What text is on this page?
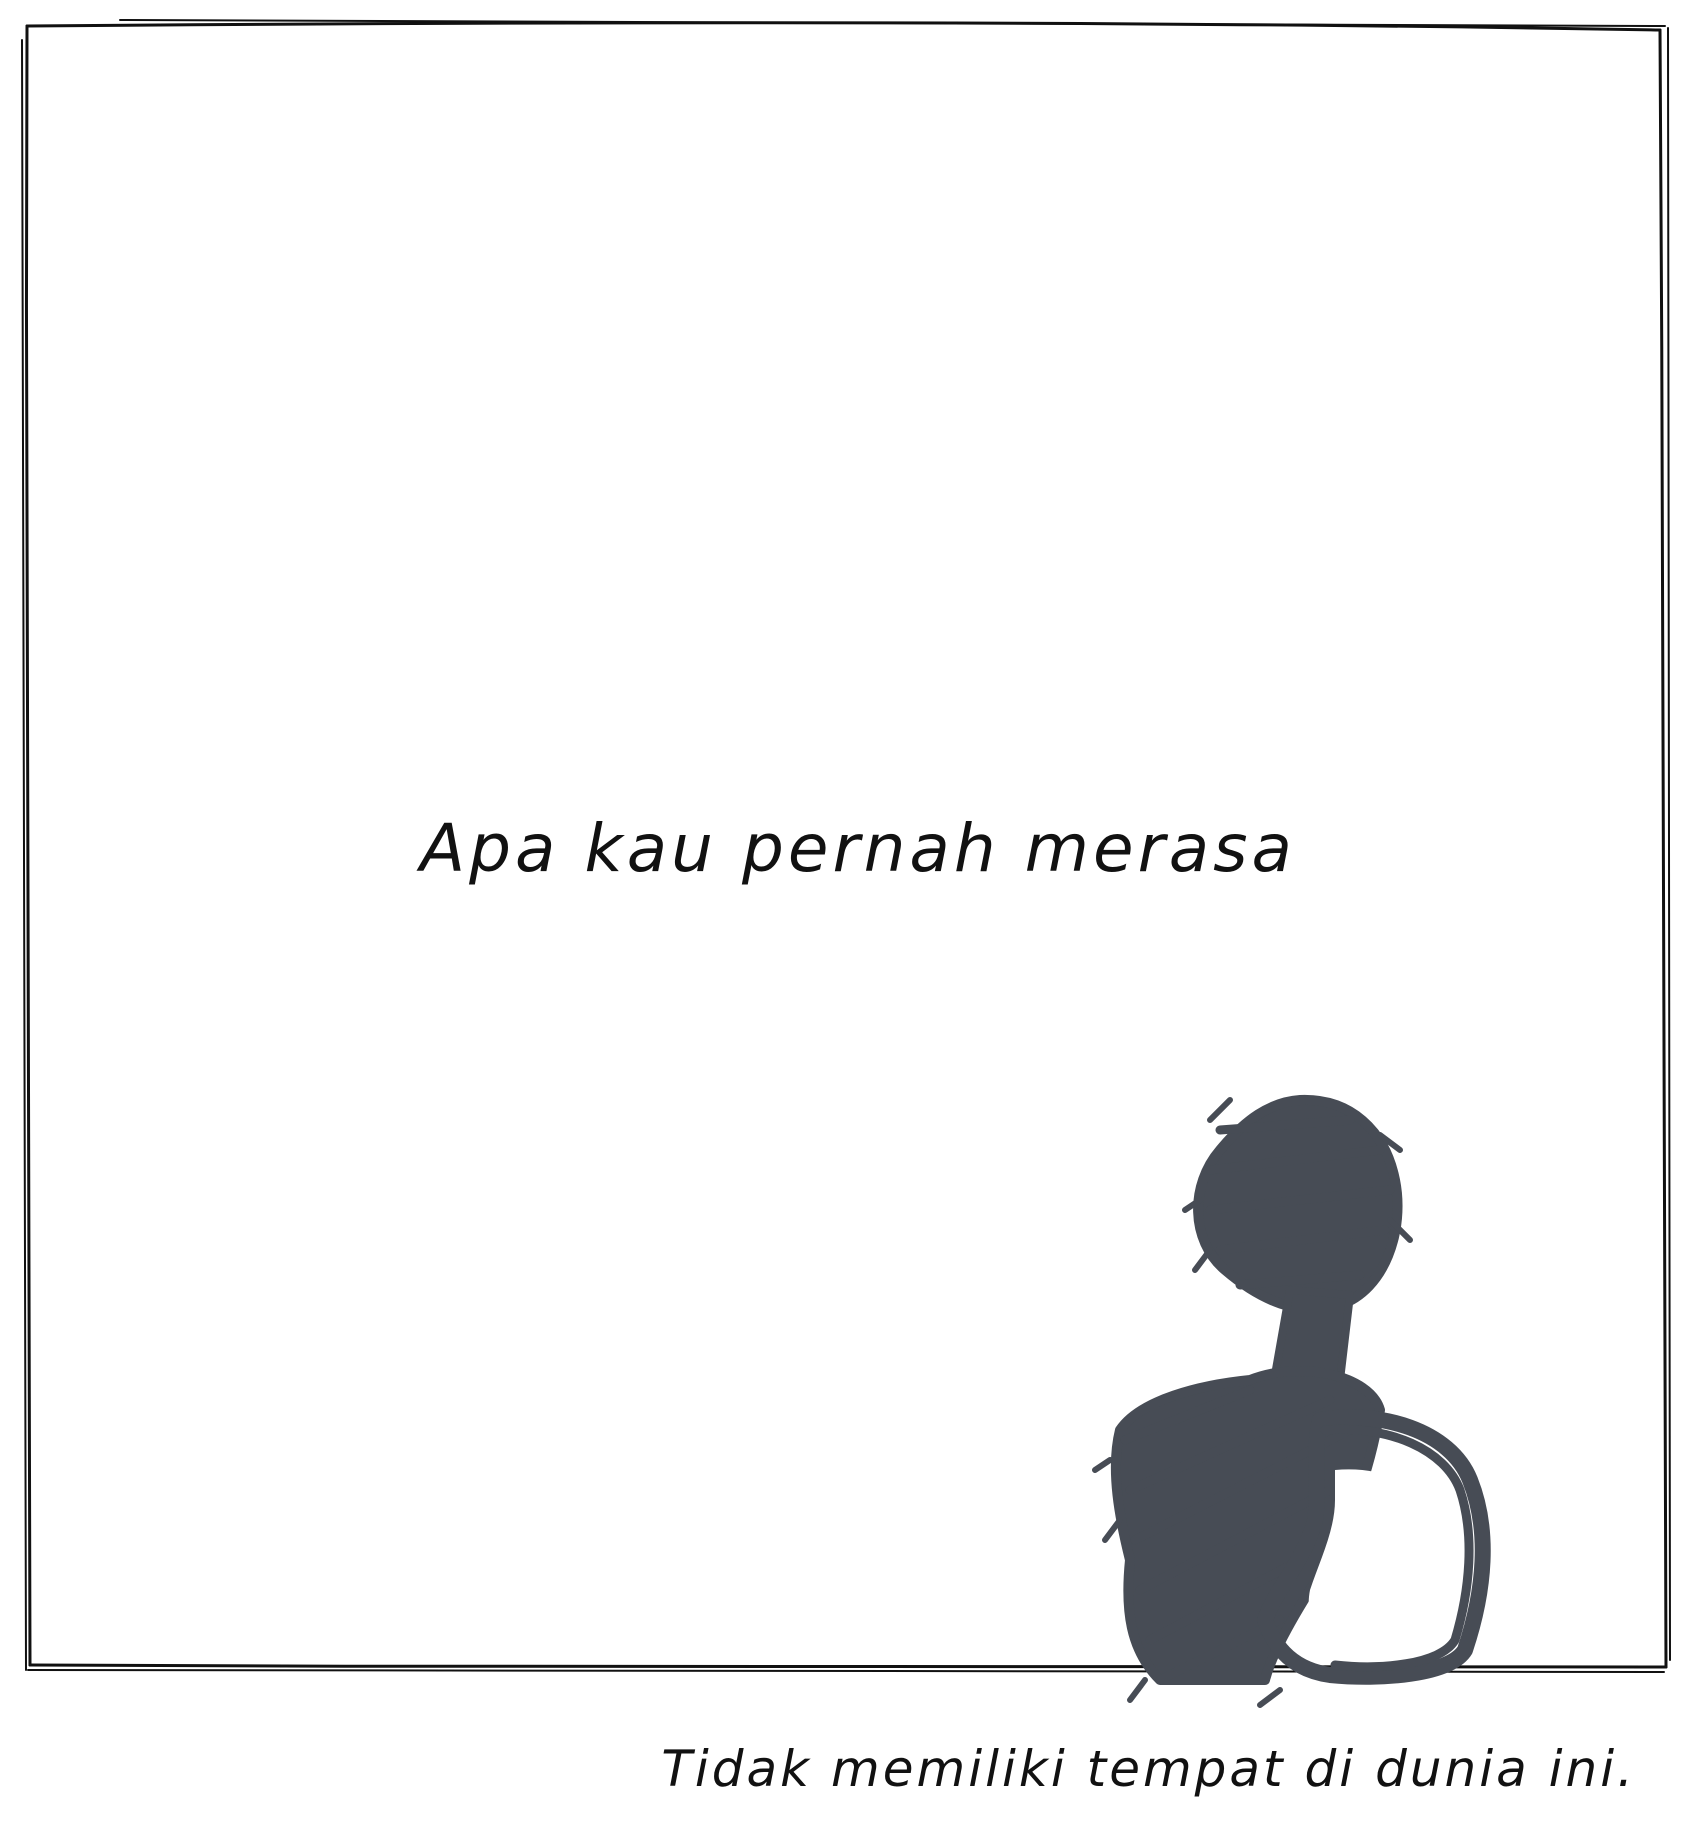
Apa kau pernah merasa
Tidak memiliki tempat di dunia ini.
